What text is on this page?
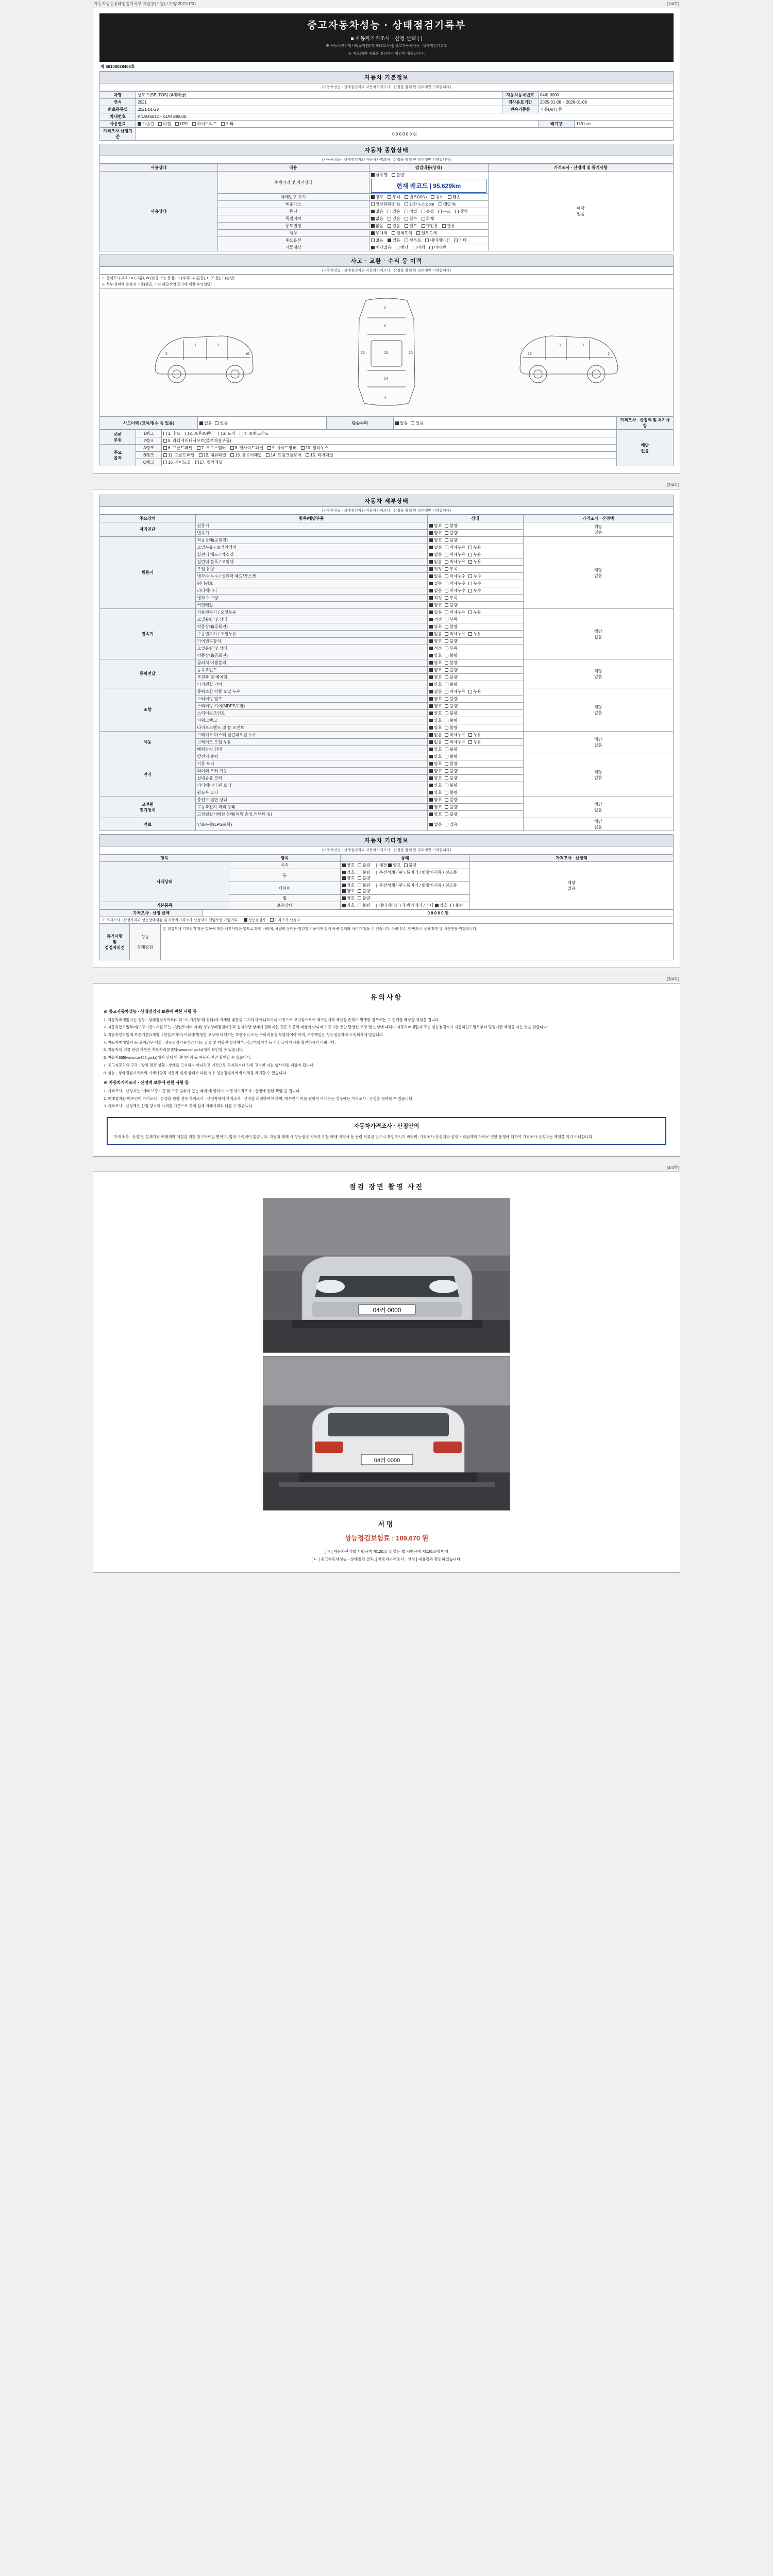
자동차성능상태점검기록부 제출용(보험) / 차량 2021/1/01	(1/4쪽)
중고자동차성능 · 상태점검기록부
■ 자동차가격조사 · 산정 선택 ( )
※ 자동차관리법시행규칙 [별지 제82호서식] 중고자동차성능 · 상태점검기록부
※ 체크(√)한 내용은 점검자가 확인한 내용입니다.
제 56108029466호
자동차 기본정보
(자동차성능 · 상태점검자와 자동차가격조사 · 산정을 함께 한 경우에만 기재합니다)
차명	셀토스(SELTOS) (4세대급)	자동차등록번호	04러 0000	
연식	2021	검사유효기간	2025-01-09 ~ 2026-01-09	
최초등록일	2021-01-29	변속기종류	자동(A/T) 등	
차대번호	KNAGS81CHKJA434503E			
사용연료	가솔린 디젤 LPG 하이브리드 기타		배기량	1591 cc
가격조사·산정기준	0 0 0 0 0 0 원			
자동차 종합상태
(자동차성능 · 상태점검자와 자동차가격조사 · 산정을 함께 한 경우에만 기재합니다)
사용상태	내용	점검내용(상태)	가격조사 · 산정액 및 특기사항
사용상태	주행거리 및 계기상태	실주행 불량
현재 레코드 | 95,629km	해당
없음
	차대번호 표기	양호 부식 변조(VIN) 상이 훼손	
	배출가스	일산화탄소 % 탄화수소 ppm 매연 %	
	튜닝	없음 있음 적법 불법 구조 장치	
	특별이력	없음 있음 침수 화재	
	용도변경	없음 있음 렌트 영업용 관용	
	색상	무채색 전체도색 일부도색	
	주요옵션	없음 있음 선루프 내비게이션 기타	
	리콜대상	해당없음 해당 이행 미이행	
사고 · 교환 · 수리 등 이력
(자동차성능 · 상태점검자와 자동차가격조사 · 산정을 함께 한 경우에만 기재합니다)
※ 상태표시 부호 : X (교환), W (판금 또는 용접), C (부식), A (흠집), U (요철), T (손상)
※ 하부 상태에 손상과 기준(판금, 기타 판금작업 표기에 대한 부연설명)
3	3
2	16
1
6
13
14
4
16	16
3	3
2
16
사고이력 (교차/침수 등 있음)	없음 있음	단순수리	없음 있음	가격조사 · 산정액 및 특기사항
외판
부위	1랭크	1. 후드 2. 프론트펜더 3. 도어 4. 트렁크리드	해당
없음
	2랭크	5. 라디에이터서포트(볼트체결부품)	
주요
골격	A랭크	6. 프론트패널 7. 크로스멤버 8. 인사이드패널 9. 사이드멤버 10. 휠하우스	
	B랭크	11. 프론트패널 12. 대쉬패널 13. 플로어패널 14. 트렁크플로어 15. 리어패널	
	C랭크	16. 사이드실 17. 필러패널	
(2/4쪽)
자동차 세부상태
(자동차성능 · 상태점검자와 자동차가격조사 · 산정을 함께 한 경우에만 기재합니다)
주요장치	항목/해당부품	상태	가격조사 · 산정액
자기진단	원동기	양호 불량	해당
없음
	변속기	양호 불량	
원동기	작동상태(공회전)	양호 불량	해당
없음
	오일누유 / 로커암커버	없음 미세누유 누유	
	실린더 헤드 / 가스켓	없음 미세누유 누유	
	실린더 블록 / 오일팬	없음 미세누유 누유	
	오일 유량	적정 부족	
	냉각수 누수 / 실린더 헤드/가스켓	없음 미세누수 누수	
	워터펌프	없음 미세누수 누수	
	라디에이터	없음 미세누수 누수	
	냉각수 수량	적정 부족	
	커먼레일	양호 불량	
변속기	자동변속기 / 오일누유	없음 미세누유 누유	해당
없음
	오일유량 및 상태	적정 부족	
	작동상태(공회전)	양호 불량	
	수동변속기 / 오일누유	없음 미세누유 누유	
	기어변속장치	양호 불량	
	오일유량 및 상태	적정 부족	
	작동상태(공회전)	양호 불량	
동력전달	클러치 어셈블리	양호 불량	해당
없음
	등속죠인트	양호 불량	
	추진축 및 베어링	양호 불량	
	디퍼렌셜 기어	양호 불량	
조향	동력조향 작동 오일 누유	없음 미세누유 누유	해당
없음
	스티어링 펌프	양호 불량	
	스티어링 기어(MDPS포함)	양호 불량	
	스티어링조인트	양호 불량	
	파워크랭크	양호 불량	
	타이로드엔드 및 볼 조인트	양호 불량	
제동	브레이크 마스터 실린더오일 누유	없음 미세누유 누유	해당
없음
	브레이크 오일 누유	없음 미세누유 누유	
	배력장치 상태	양호 불량	
전기	발전기 출력	양호 불량	해당
없음
	시동 모터	양호 불량	
	와이퍼 모터 기능	양호 불량	
	실내송풍 모터	양호 불량	
	라디에이터 팬 모터	양호 불량	
	윈도우 모터	양호 불량	
고전원
전기장치	충전구 절연 상태	양호 불량	해당
없음
	구동축전지 격리 상태	양호 불량	
	고전원전기배선 상태(피복,손상,커넥터 등)	양호 불량	
연료	연료누출(LPG포함)	없음 있음	해당
없음
자동차 기타정보
(자동차성능 · 상태점검자와 자동차가격조사 · 산정을 함께 한 경우에만 기재합니다)
항목	항목	상태	가격조사 · 산정액
사내상태	유리	양호 불량  |  내장 양호 불량	해당
없음
	룸	양호 불량  |  운전석계기판 / 룸미러 / 방향지시등 / 전조등 양호 불량	
	타이어	양호 불량  |  운전석계기판 / 룸미러 / 방향지시등 / 전조등 양호 불량	
	휠	양호 불량	
기본품목	보유상태	양호 불량  |  네비게이션 / 후방카메라 / 기타 양호 불량	
가격조사 · 산정 금액	0 0 0 0 0 원
※ 가격조사 · 산정가격과 성능상태점검 및 자동차가격조사·산정자의 책임보험 가입여부	성능점검자 가격조사·산정자
특기사항
및
점검자의견	성능
·
상태점검	본 점검부에 기재되지 않은 항목에 대한 세부사항은 별도로 확인 바라며, 차량의 상태는 점검일 기준이며 실제 차량 상태와 차이가 있을 수 있습니다. 차량 인수 전 반드시 실차 확인 및 시운전을 권장합니다.
(3/4쪽)
유의사항
※ 중고자동차성능 · 상태점검자 보증에 관한 사항 등

1. 자동차매매업자는 성능 · 상태점검기록부(이하 "이 기록부"라 한다)에 기재된 내용을 고지하지 아니하거나 거짓으로 고지함으로써 매수인에게 재산상 손해가 발생한 경우에는 그 손해를 배상할 책임을 집니다.

2. 자동차인도일부터(보증기간 1개월 또는 2천킬로미터 이내) 성능상태점검내용과 실제차량 상태가 달라지는 것은 보증의 대상이 아니며 보증기간 동안 발생한 고장 및 손상에 대하여 자동차매매업자 또는 성능점검자가 자동차인도일로부터 일정기간 책임을 지는 것을 말합니다.

3. 자동차인도일에 보증기간(1개월, 2천킬로미터) 이내에 발생한 고장에 대해서는 보증수리 또는 수리비용을 부담하여야 하며, 보증책임은 성능점검자의 소속회사에 있습니다.

4. 자동차매매업자 등 고지의무 대상 : 성능점검기록부의 내용, 압류 및 저당권 설정여부, 세금미납여부 등 사전고지 대상을 확인하시기 바랍니다.

5. 자동차의 리콜 관련 사항은 자동차리콜센터(www.car.go.kr)에서 확인할 수 있습니다.

6. 자동차365(www.car365.go.kr)에서 실제 및 정비이력 등 자동차 관련 확인할 수 있습니다.

7. 중고자동차의 구조 · 장치 점검 상황 · 상태를 고지하지 아니하고 거짓으로 고지하거나 허위 고지한 자는 형사처벌 대상이 됩니다.

8. 성능 · 상태점검기록부의 기재사항과 자동차 실제 상태가 다른 경우 성능점검자에게 이의를 제기할 수 있습니다.

※ 자동차가격조사 · 산정액 보증에 관한 사항 등

1. 가격조사 · 산정자는 "매매 보증기간 및 보증 범위가 있는 매매"에 한하여 "자동차가격조사 · 산정에 관한 책임"을 집니다.

2. 매매업자는 매수인이 가격조사 · 산정을 원할 경우 가격조사 · 산정자에게 가격조사 · 산정을 의뢰하여야 하며, 매수인이 이를 원하지 아니하는 경우에는 가격조사 · 산정을 생략할 수 있습니다.

3. 가격조사 · 산정액은 산정 당시의 시세를 기준으로 하며 실제 거래가격과 다를 수 있습니다.

자동차가격조사 · 산정안의
"가격조사 · 산정"은 실제가격 매매계약 체결을 위한 참고자료일 뿐이며, 법적 구속력이 없습니다. 자동차 매매 시 성능점검 기록부 또는 매매 계약서 등 관련 서류를 반드시 확인하시기 바라며, 가격조사·산정액과 실제 거래금액의 차이로 인한 분쟁에 대하여 가격조사·산정자는 책임을 지지 아니합니다.
(4/4쪽)
점검 장면 촬영 사진
04러 0000
04러 0000
서명
성능점검보험료 : 109,670 원
[ ㄱ ] 자동차관리법 시행규칙 제120조 및 같은 법 시행규칙 제120조에 따라
[ ㄴ ] 중고자동차성능 · 상태점검 결과, [ 자동차가격조사 · 산정 ] 내용검과 확인하였습니다.
